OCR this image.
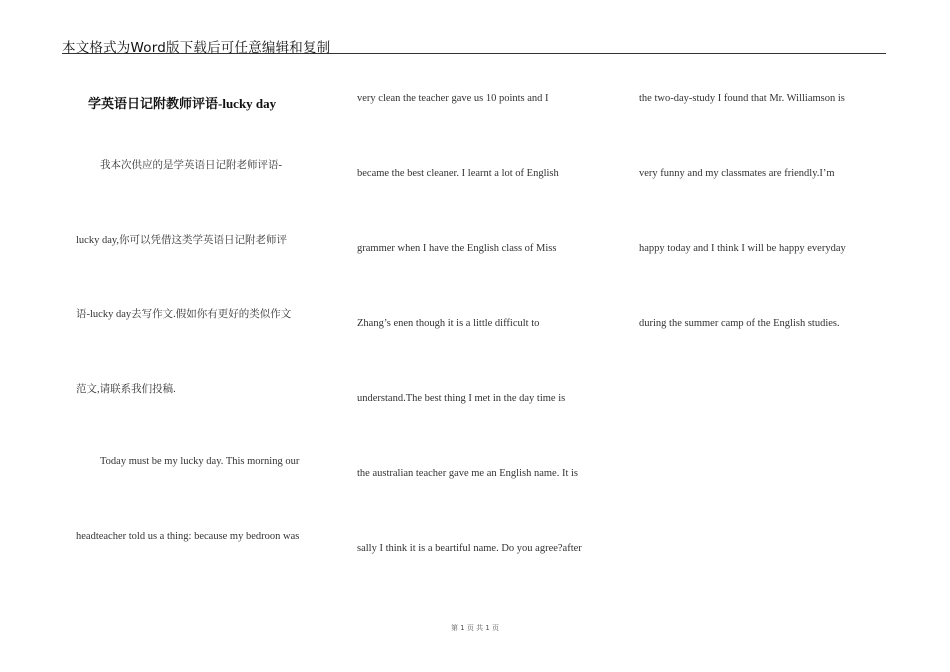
本文格式为Word版下载后可任意编辑和复制
学英语日记附教师评语-lucky day
我本次供应的是学英语日记附老师评语-
lucky day,你可以凭借这类学英语日记附老师评
语-lucky day去写作文.假如你有更好的类似作文
范文,请联系我们投稿.
Today must be my lucky day. This morning our
headteacher told us a thing: because my bedroon was
very clean the teacher gave us 10 points and I
became the best cleaner. I learnt a lot of English
grammer when I have the English class of Miss
Zhang’s enen though it is a little difficult to
understand.The best thing I met in the day time is
the australian teacher gave me an English name. It is
sally I think it is a beartiful name. Do you agree?after
the two-day-study I found that Mr. Williamson is
very funny and my classmates are friendly.I’m
happy today and I think I will be happy everyday
during the summer camp of the English studies.
第 1 页 共 1 页
